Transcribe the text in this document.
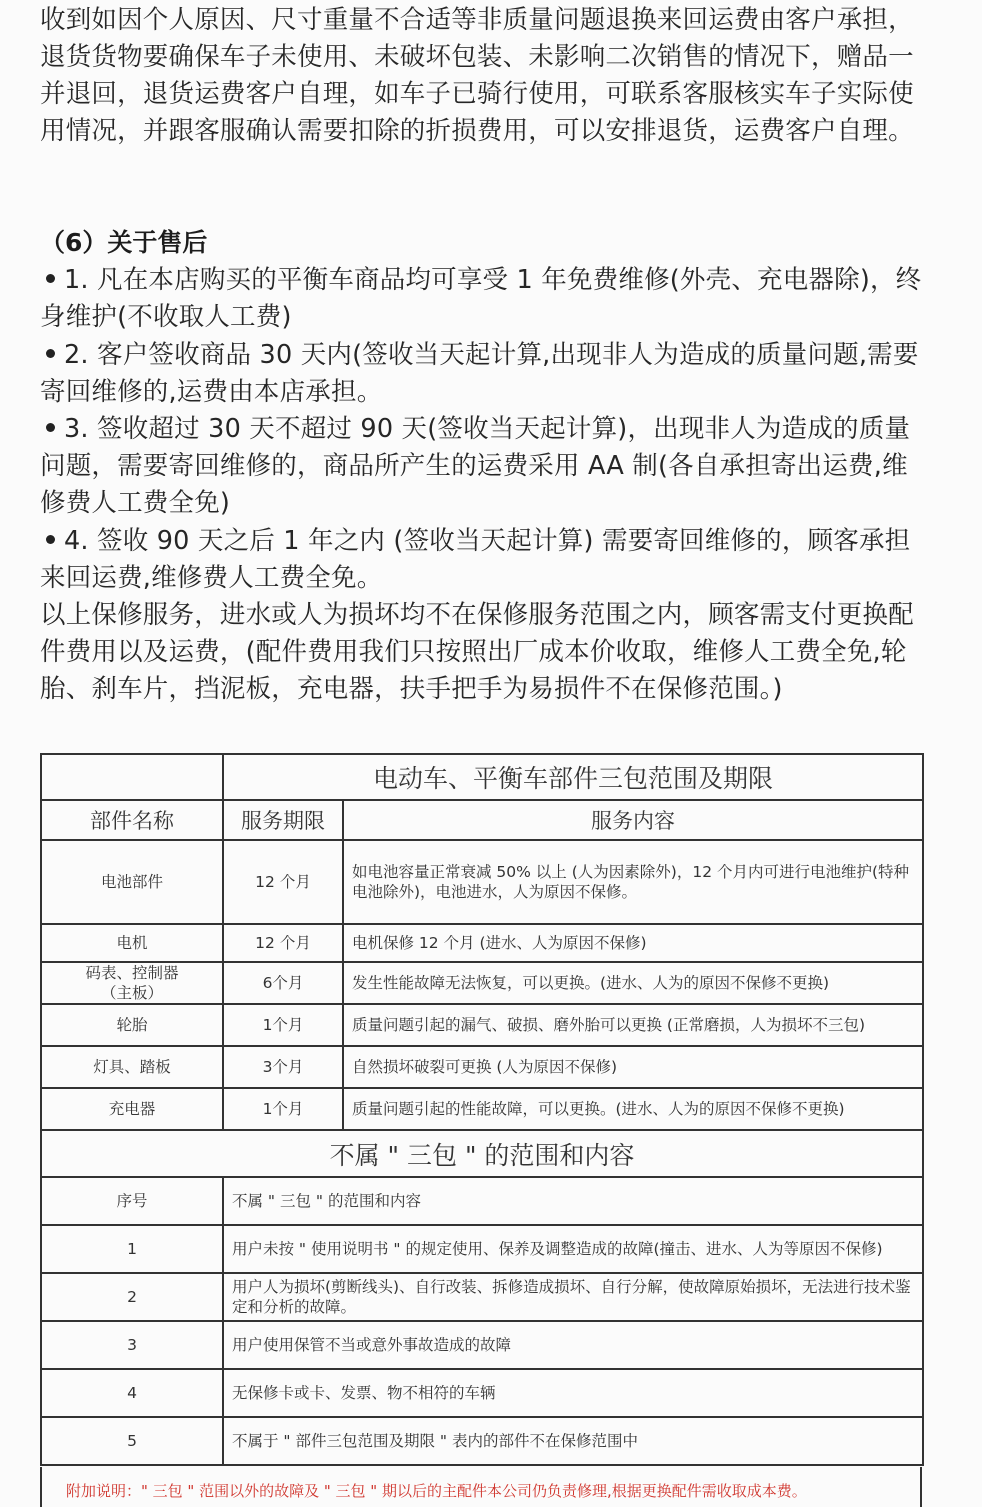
收到如因个人原因、尺寸重量不合适等非质量问题退换来回运费由客户承担，退货货物要确保车子未使用、未破坏包装、未影响二次销售的情况下，赠品一并退回，退货运费客户自理，如车子已骑行使用，可联系客服核实车子实际使用情况，并跟客服确认需要扣除的折损费用，可以安排退货，运费客户自理。

（6）关于售后

1. 凡在本店购买的平衡车商品均可享受 1 年免费维修(外壳、充电器除)，终身维护(不收取人工费)

2. 客户签收商品 30 天内(签收当天起计算,出现非人为造成的质量问题,需要寄回维修的,运费由本店承担。

3. 签收超过 30 天不超过 90 天(签收当天起计算)，出现非人为造成的质量问题，需要寄回维修的，商品所产生的运费采用 AA 制(各自承担寄出运费,维修费人工费全免)

4. 签收 90 天之后 1 年之内 (签收当天起计算) 需要寄回维修的，顾客承担来回运费,维修费人工费全免。

以上保修服务，进水或人为损坏均不在保修服务范围之内，顾客需支付更换配件费用以及运费，(配件费用我们只按照出厂成本价收取，维修人工费全免,轮胎、刹车片，挡泥板，充电器，扶手把手为易损件不在保修范围。)

	电动车、平衡车部件三包范围及期限	
部件名称	服务期限	服务内容
电池部件	12 个月	如电池容量正常衰减 50% 以上 (人为因素除外)，12 个月内可进行电池维护(特种电池除外)，电池进水，人为原因不保修。
电机	12 个月	电机保修 12 个月 (进水、人为原因不保修)
码表、控制器（主板）	6个月	发生性能故障无法恢复，可以更换。(进水、人为的原因不保修不更换)
轮胎	1个月	质量问题引起的漏气、破损、磨外胎可以更换 (正常磨损，人为损坏不三包)
灯具、踏板	3个月	自然损坏破裂可更换 (人为原因不保修)
充电器	1个月	质量问题引起的性能故障，可以更换。(进水、人为的原因不保修不更换)
不属 " 三包 " 的范围和内容		
序号	不属 " 三包 " 的范围和内容	
1	用户未按 " 使用说明书 " 的规定使用、保养及调整造成的故障(撞击、进水、人为等原因不保修)	
2	用户人为损坏(剪断线头)、自行改装、拆修造成损坏、自行分解，使故障原始损坏，无法进行技术鉴定和分析的故障。	
3	用户使用保管不当或意外事故造成的故障	
4	无保修卡或卡、发票、物不相符的车辆	
5	不属于 " 部件三包范围及期限 " 表内的部件不在保修范围中	
附加说明：" 三包 " 范围以外的故障及 " 三包 " 期以后的主配件本公司仍负责修理,根据更换配件需收取成本费。
